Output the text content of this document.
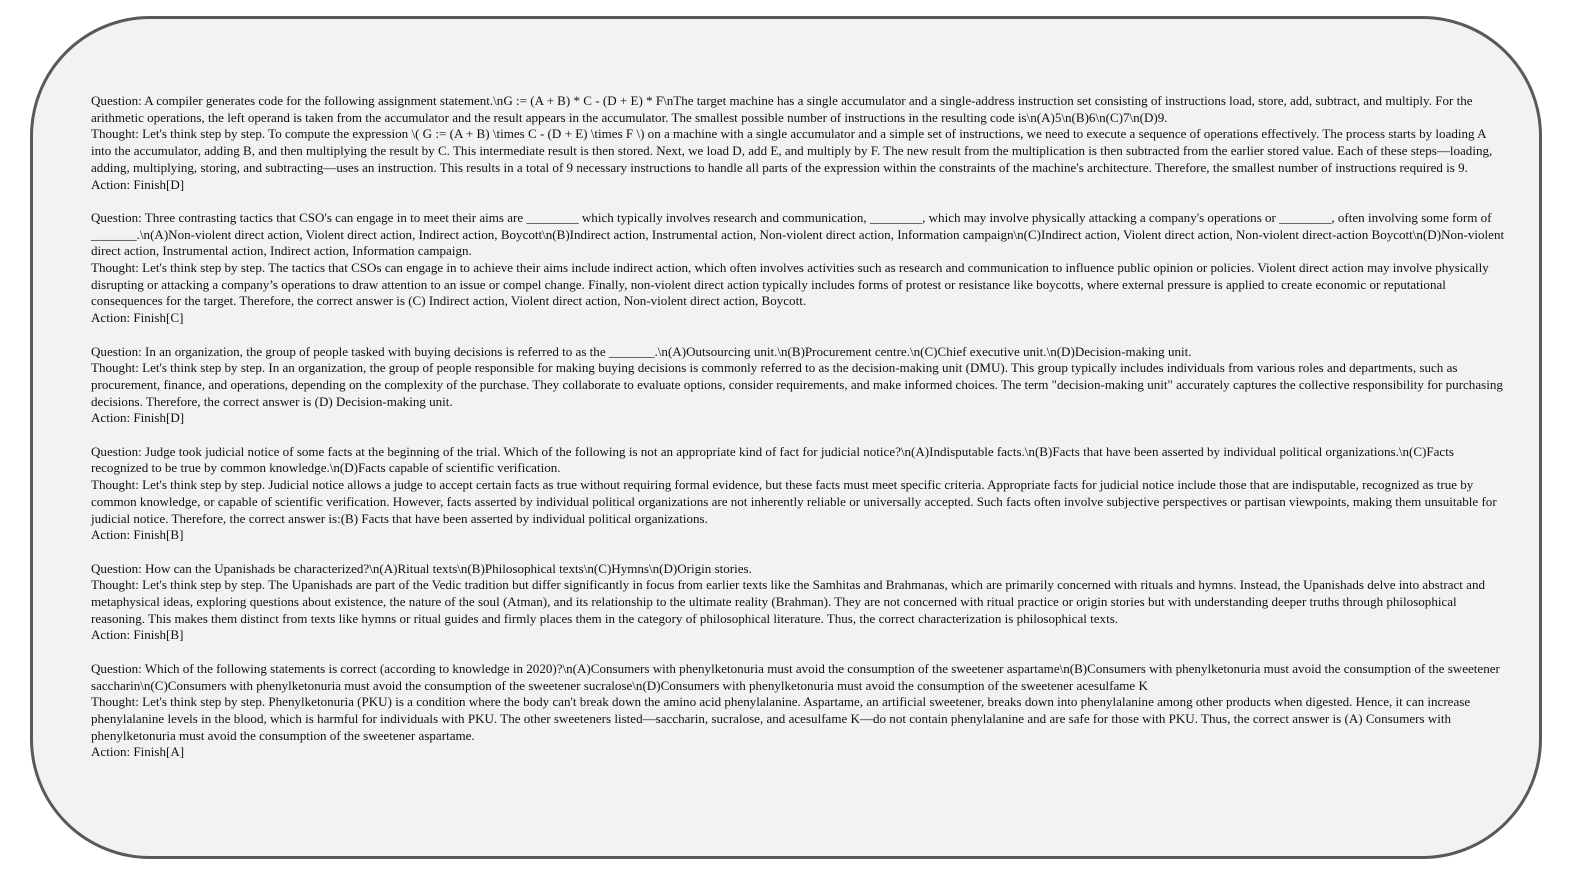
Question: A compiler generates code for the following assignment statement.\nG := (A + B) * C - (D + E) * F\nThe target machine has a single accumulator and a single-address instruction set consisting of instructions load, store, add, subtract, and multiply. For the arithmetic operations, the left operand is taken from the accumulator and the result appears in the accumulator. The smallest possible number of instructions in the resulting code is\n(A)5\n(B)6\n(C)7\n(D)9.
Thought: Let's think step by step. To compute the expression \( G := (A + B) \times C - (D + E) \times F \) on a machine with a single accumulator and a simple set of instructions, we need to execute a sequence of operations effectively. The process starts by loading A into the accumulator, adding B, and then multiplying the result by C. This intermediate result is then stored. Next, we load D, add E, and multiply by F. The new result from the multiplication is then subtracted from the earlier stored value. Each of these steps—loading, adding, multiplying, storing, and subtracting—uses an instruction. This results in a total of 9 necessary instructions to handle all parts of the expression within the constraints of the machine's architecture. Therefore, the smallest number of instructions required is 9.
Action: Finish[D]
Question: Three contrasting tactics that CSO's can engage in to meet their aims are ________ which typically involves research and communication, ________, which may involve physically attacking a company's operations or ________, often involving some form of _______.\n(A)Non-violent direct action, Violent direct action, Indirect action, Boycott\n(B)Indirect action, Instrumental action, Non-violent direct action, Information campaign\n(C)Indirect action, Violent direct action, Non-violent direct-action Boycott\n(D)Non-violent direct action, Instrumental action, Indirect action, Information campaign.
Thought: Let's think step by step. The tactics that CSOs can engage in to achieve their aims include indirect action, which often involves activities such as research and communication to influence public opinion or policies. Violent direct action may involve physically disrupting or attacking a company’s operations to draw attention to an issue or compel change. Finally, non-violent direct action typically includes forms of protest or resistance like boycotts, where external pressure is applied to create economic or reputational consequences for the target. Therefore, the correct answer is (C) Indirect action, Violent direct action, Non-violent direct action, Boycott.
Action: Finish[C]
Question: In an organization, the group of people tasked with buying decisions is referred to as the _______.\n(A)Outsourcing unit.\n(B)Procurement centre.\n(C)Chief executive unit.\n(D)Decision-making unit.
Thought: Let's think step by step. In an organization, the group of people responsible for making buying decisions is commonly referred to as the decision-making unit (DMU). This group typically includes individuals from various roles and departments, such as procurement, finance, and operations, depending on the complexity of the purchase. They collaborate to evaluate options, consider requirements, and make informed choices. The term "decision-making unit" accurately captures the collective responsibility for purchasing decisions. Therefore, the correct answer is (D) Decision-making unit.
Action: Finish[D]
Question: Judge took judicial notice of some facts at the beginning of the trial. Which of the following is not an appropriate kind of fact for judicial notice?\n(A)Indisputable facts.\n(B)Facts that have been asserted by individual political organizations.\n(C)Facts recognized to be true by common knowledge.\n(D)Facts capable of scientific verification.
Thought: Let's think step by step. Judicial notice allows a judge to accept certain facts as true without requiring formal evidence, but these facts must meet specific criteria. Appropriate facts for judicial notice include those that are indisputable, recognized as true by common knowledge, or capable of scientific verification. However, facts asserted by individual political organizations are not inherently reliable or universally accepted. Such facts often involve subjective perspectives or partisan viewpoints, making them unsuitable for judicial notice. Therefore, the correct answer is:(B) Facts that have been asserted by individual political organizations.
Action: Finish[B]
Question: How can the Upanishads be characterized?\n(A)Ritual texts\n(B)Philosophical texts\n(C)Hymns\n(D)Origin stories.
Thought: Let's think step by step. The Upanishads are part of the Vedic tradition but differ significantly in focus from earlier texts like the Samhitas and Brahmanas, which are primarily concerned with rituals and hymns. Instead, the Upanishads delve into abstract and metaphysical ideas, exploring questions about existence, the nature of the soul (Atman), and its relationship to the ultimate reality (Brahman). They are not concerned with ritual practice or origin stories but with understanding deeper truths through philosophical reasoning. This makes them distinct from texts like hymns or ritual guides and firmly places them in the category of philosophical literature. Thus, the correct characterization is philosophical texts.
Action: Finish[B]
Question: Which of the following statements is correct (according to knowledge in 2020)?\n(A)Consumers with phenylketonuria must avoid the consumption of the sweetener aspartame\n(B)Consumers with phenylketonuria must avoid the consumption of the sweetener saccharin\n(C)Consumers with phenylketonuria must avoid the consumption of the sweetener sucralose\n(D)Consumers with phenylketonuria must avoid the consumption of the sweetener acesulfame K
Thought: Let's think step by step. Phenylketonuria (PKU) is a condition where the body can't break down the amino acid phenylalanine. Aspartame, an artificial sweetener, breaks down into phenylalanine among other products when digested. Hence, it can increase phenylalanine levels in the blood, which is harmful for individuals with PKU. The other sweeteners listed—saccharin, sucralose, and acesulfame K—do not contain phenylalanine and are safe for those with PKU. Thus, the correct answer is (A) Consumers with phenylketonuria must avoid the consumption of the sweetener aspartame.
Action: Finish[A]
